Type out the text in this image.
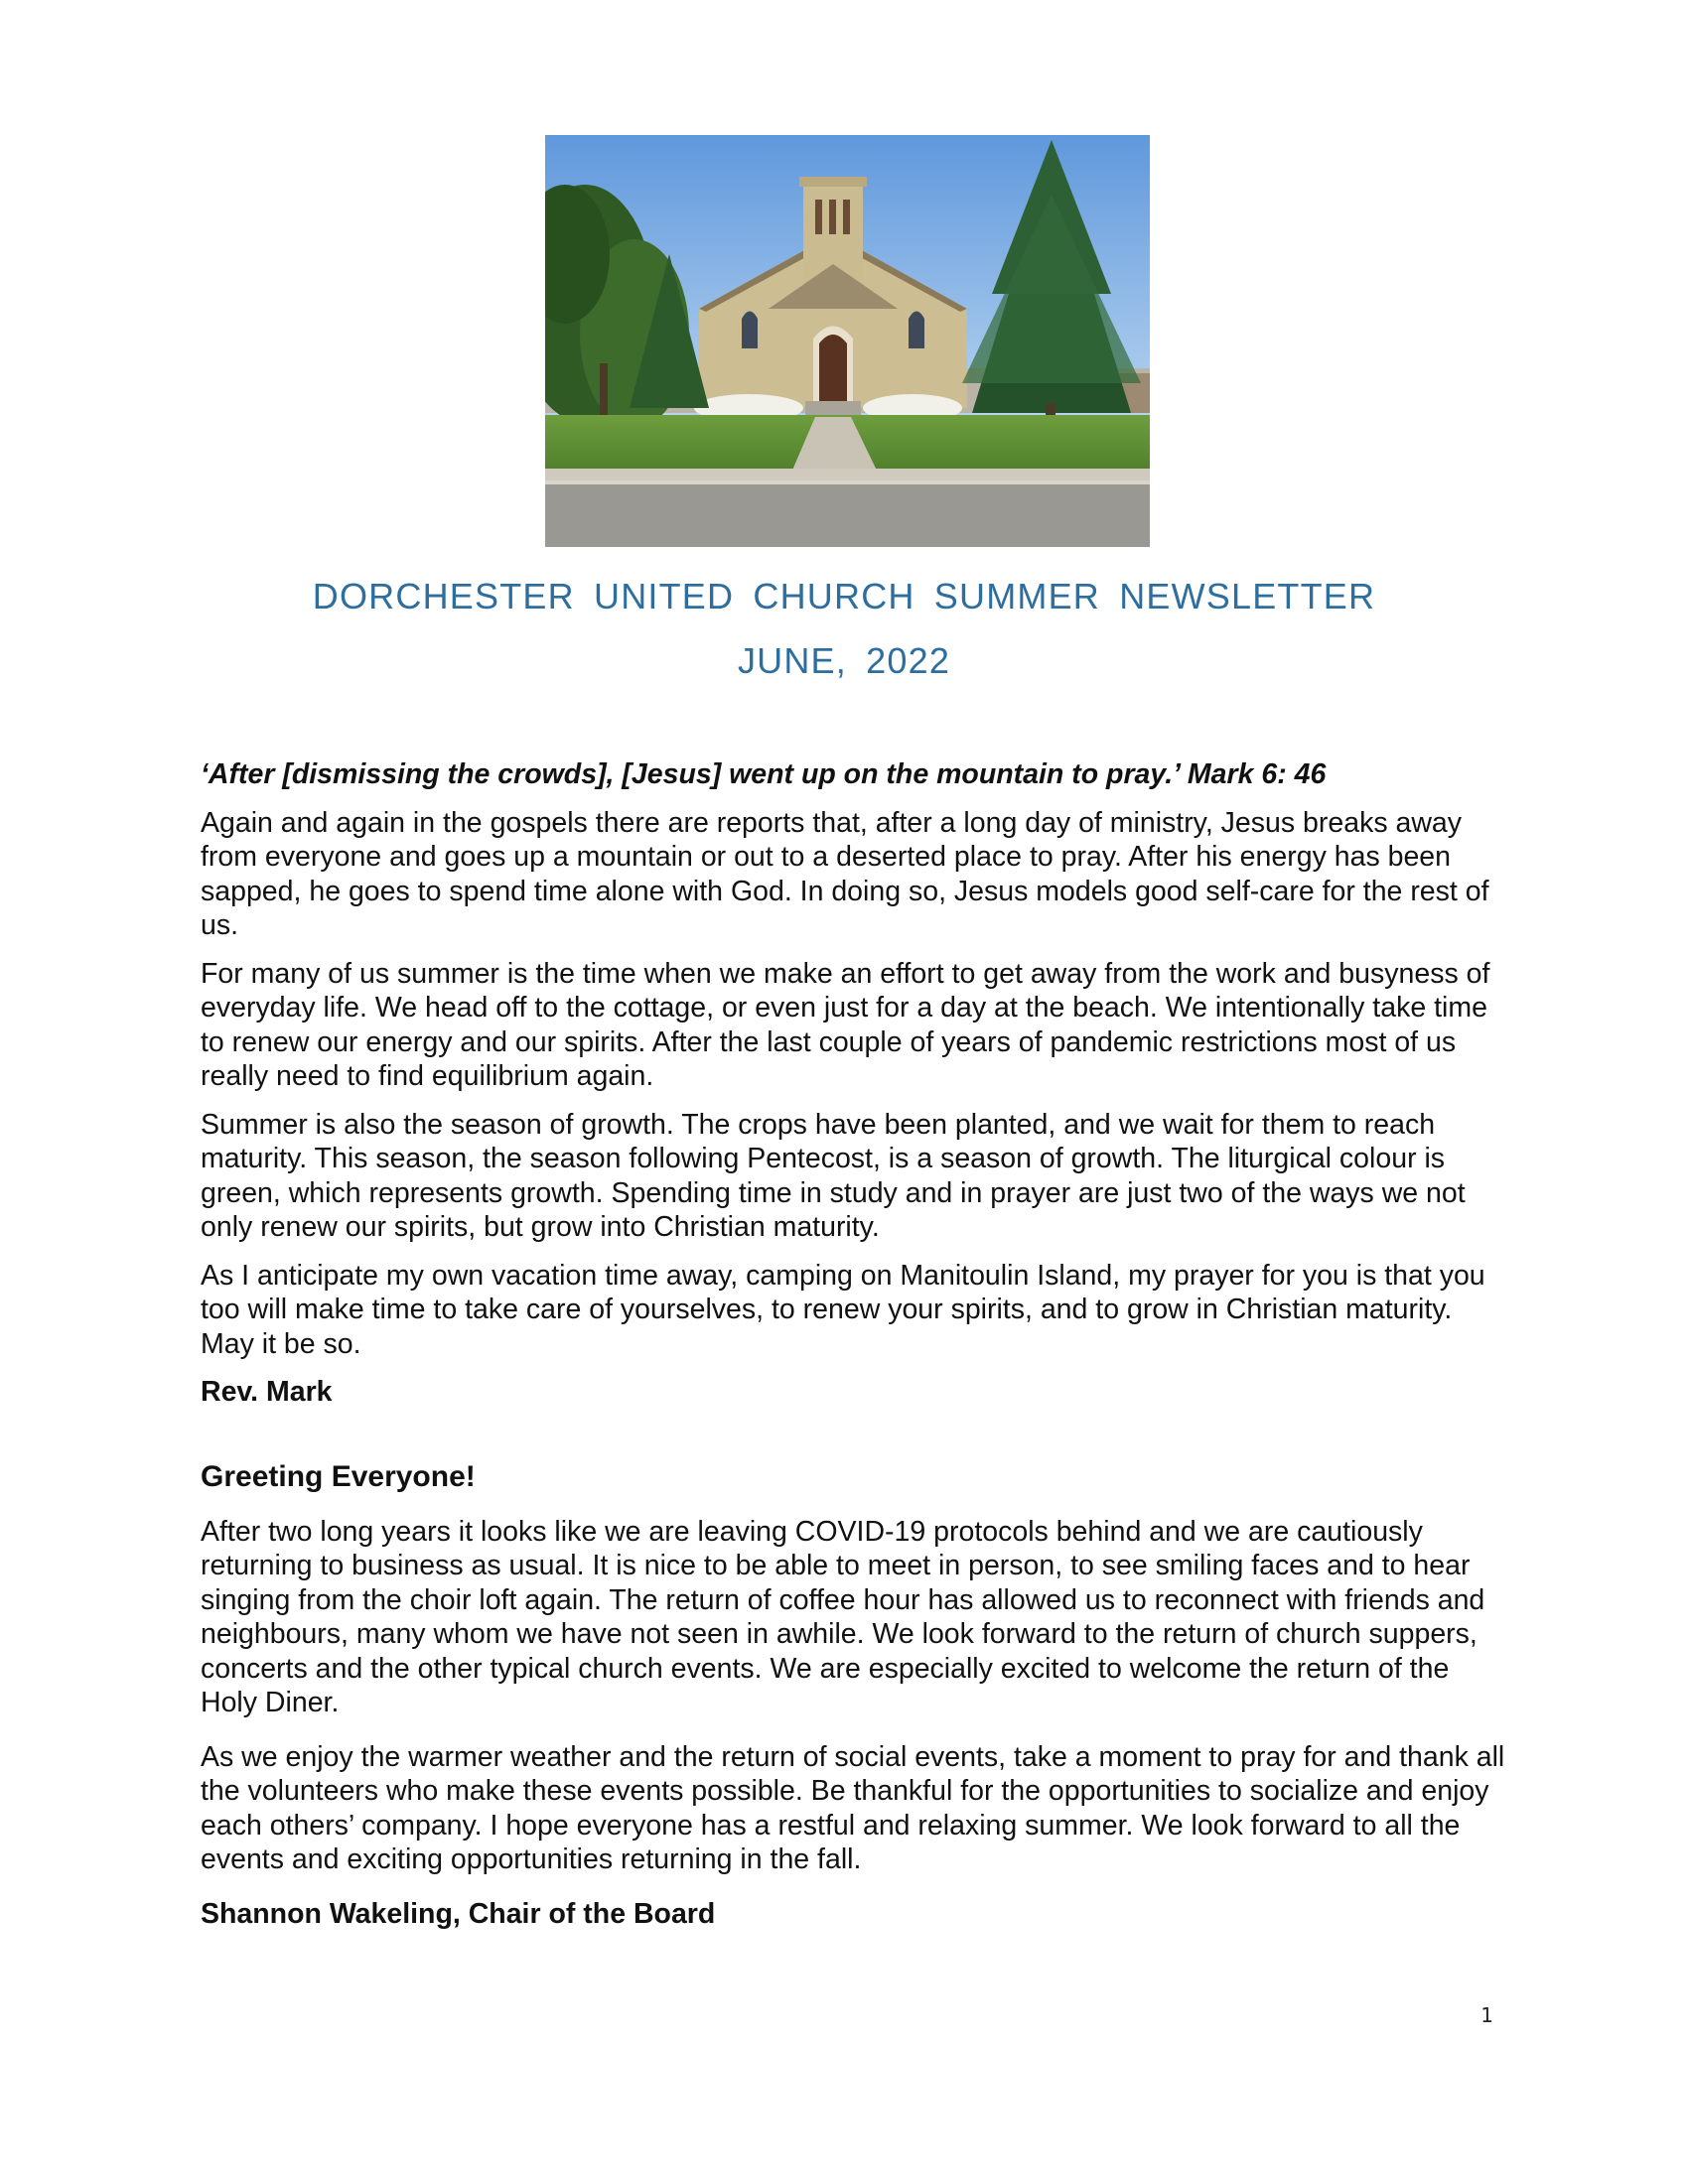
DORCHESTER UNITED CHURCH SUMMER NEWSLETTER
JUNE, 2022

‘After [dismissing the crowds], [Jesus] went up on the mountain to pray.’ Mark 6: 46

Again and again in the gospels there are reports that, after a long day of ministry, Jesus breaks away from everyone and goes up a mountain or out to a deserted place to pray. After his energy has been sapped, he goes to spend time alone with God. In doing so, Jesus models good self-care for the rest of us.

For many of us summer is the time when we make an effort to get away from the work and busyness of everyday life. We head off to the cottage, or even just for a day at the beach. We intentionally take time to renew our energy and our spirits. After the last couple of years of pandemic restrictions most of us really need to find equilibrium again.

Summer is also the season of growth. The crops have been planted, and we wait for them to reach maturity. This season, the season following Pentecost, is a season of growth. The liturgical colour is green, which represents growth. Spending time in study and in prayer are just two of the ways we not only renew our spirits, but grow into Christian maturity.

As I anticipate my own vacation time away, camping on Manitoulin Island, my prayer for you is that you too will make time to take care of yourselves, to renew your spirits, and to grow in Christian maturity. May it be so.

Rev. Mark

Greeting Everyone!

After two long years it looks like we are leaving COVID-19 protocols behind and we are cautiously returning to business as usual. It is nice to be able to meet in person, to see smiling faces and to hear singing from the choir loft again. The return of coffee hour has allowed us to reconnect with friends and neighbours, many whom we have not seen in awhile. We look forward to the return of church suppers, concerts and the other typical church events. We are especially excited to welcome the return of the Holy Diner.

As we enjoy the warmer weather and the return of social events, take a moment to pray for and thank all the volunteers who make these events possible. Be thankful for the opportunities to socialize and enjoy each others’ company. I hope everyone has a restful and relaxing summer. We look forward to all the events and exciting opportunities returning in the fall.

Shannon Wakeling, Chair of the Board

1
